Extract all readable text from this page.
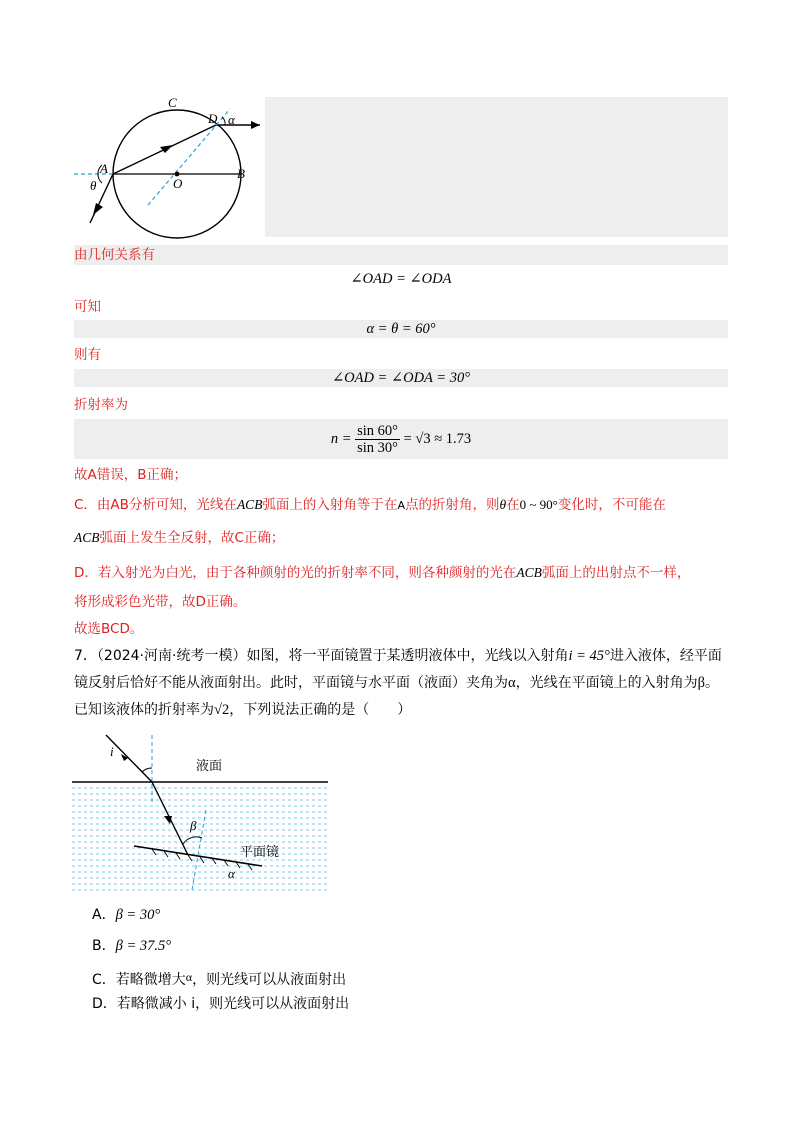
C
D α
A
θ	O
B
由几何关系有
∠OAD = ∠ODA
可知
α = θ = 60°
则有
∠OAD = ∠ODA = 30°
折射率为
$n = \frac{\sin 60^\circ}{\sin 30^\circ} = √3 \approx 1.73$
故A错误，B正确；
C．由AB分析可知，光线在ACB弧面上的入射角等于在A点的折射角，则θ在0 ~ 90°变化时，不可能在
ACB弧面上发生全反射，故C正确；
D．若入射光为白光，由于各种颜射的光的折射率不同，则各种颜射的光在ACB弧面上的出射点不一样，
将形成彩色光带，故D正确。
故选BCD。
7．（2024·河南·统考一模）如图，将一平面镜置于某透明液体中，光线以入射角i = 45°进入液体，经平面
镜反射后恰好不能从液面射出。此时，平面镜与水平面（液面）夹角为α，光线在平面镜上的入射角为β。
已知该液体的折射率为√2，下列说法正确的是（　　）
i
液面
β
平面镜
α
A．β = 30°
B．β = 37.5°
C．若略微增大α，则光线可以从液面射出
D．若略微减小 i，则光线可以从液面射出
